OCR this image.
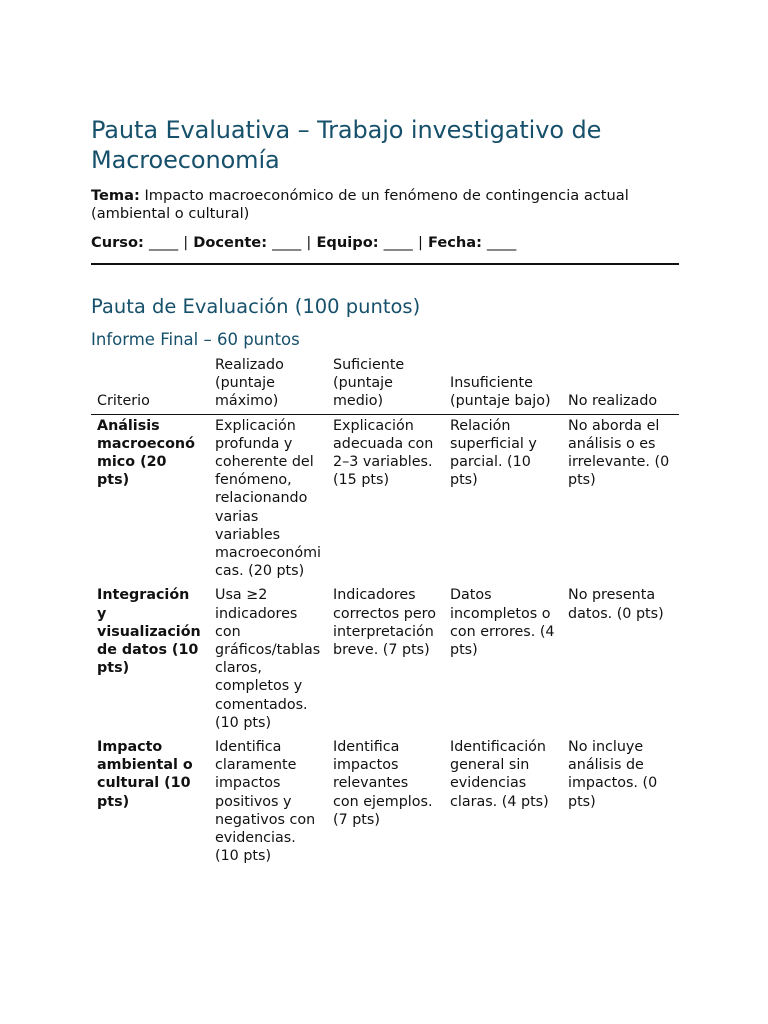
Pauta Evaluativa – Trabajo investigativo de Macroeconomía

Tema: Impacto macroeconómico de un fenómeno de contingencia actual (ambiental o cultural)

Curso: ____ | Docente: ____ | Equipo: ____ | Fecha: ____

Pauta de Evaluación (100 puntos)
Informe Final – 60 puntos
Criterio	Realizado (puntaje máximo)	Suficiente (puntaje medio)	Insuficiente (puntaje bajo)	No realizado
Análisis macroeconómico (20 pts)	Explicación profunda y coherente del fenómeno, relacionando varias variables macroeconómicas. (20 pts)	Explicación adecuada con 2–3 variables. (15 pts)	Relación superficial y parcial. (10 pts)	No aborda el análisis o es irrelevante. (0 pts)
Integración y visualización de datos (10 pts)	Usa ≥2 indicadores con gráficos/tablas claros, completos y comentados. (10 pts)	Indicadores correctos pero interpretación breve. (7 pts)	Datos incompletos o con errores. (4 pts)	No presenta datos. (0 pts)
Impacto ambiental o cultural (10 pts)	Identifica claramente impactos positivos y negativos con evidencias. (10 pts)	Identifica impactos relevantes con ejemplos. (7 pts)	Identificación general sin evidencias claras. (4 pts)	No incluye análisis de impactos. (0 pts)
